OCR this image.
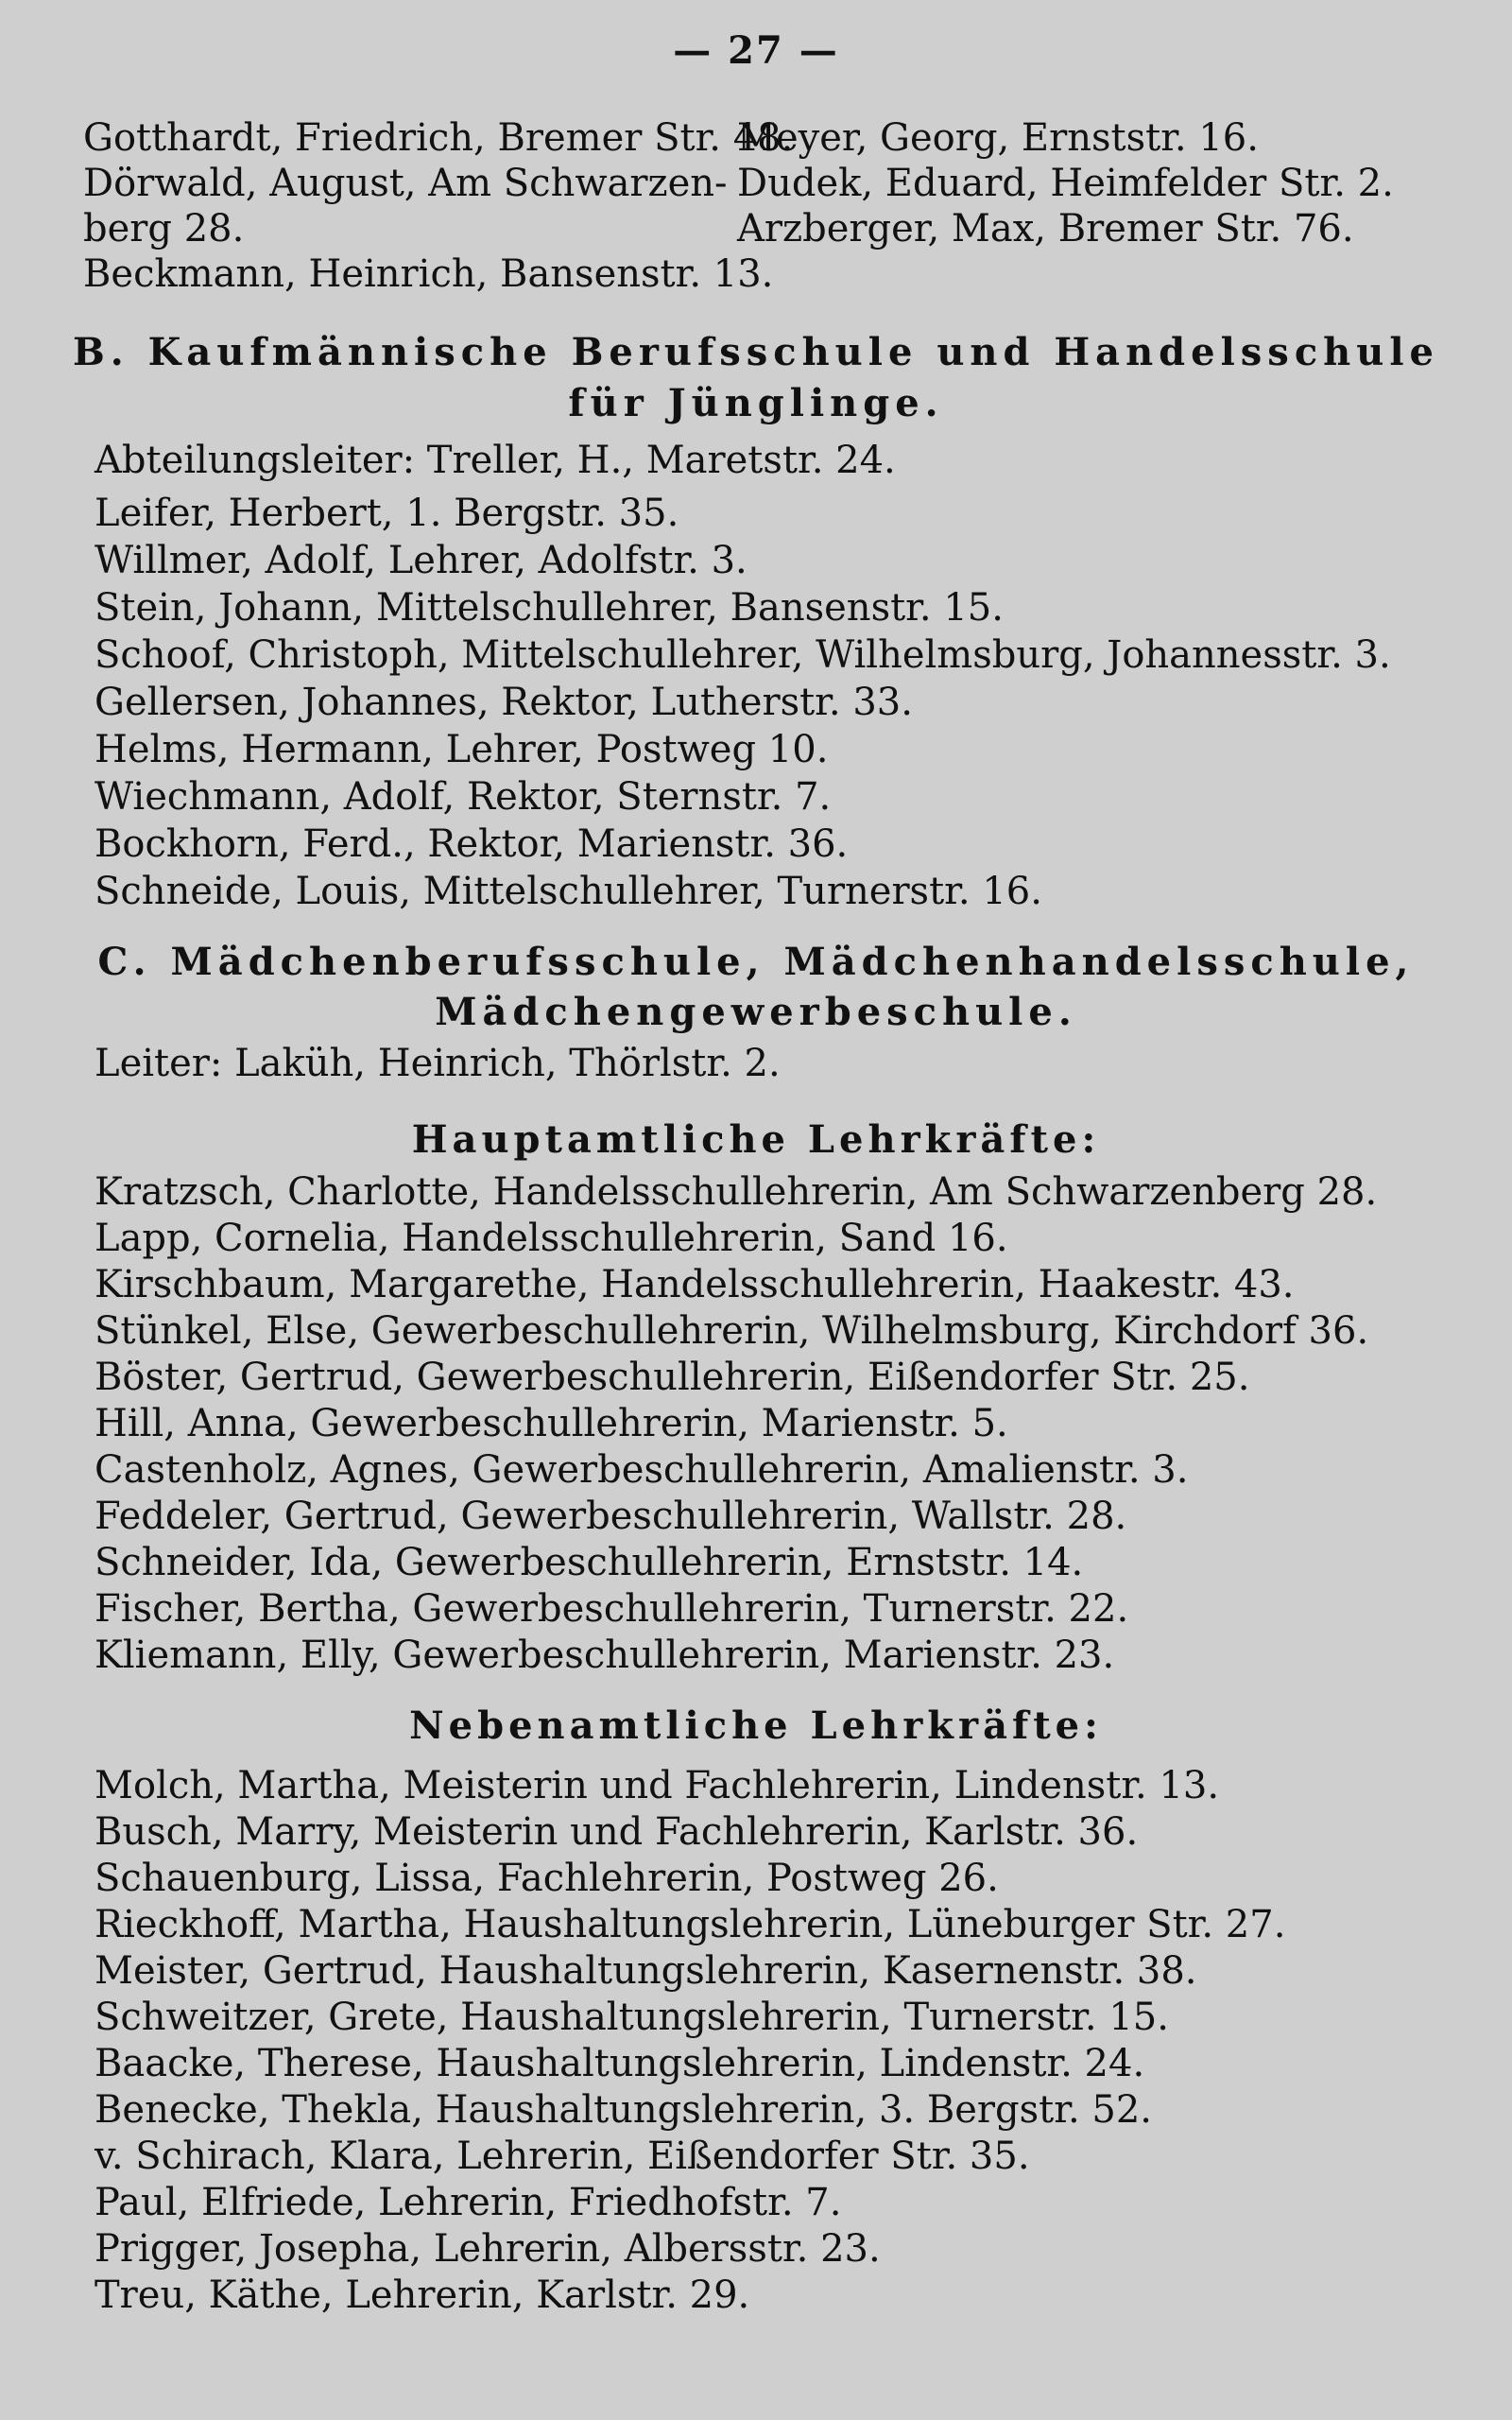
— 27 —
Gotthardt, Friedrich, Bremer Str. 48.
Dörwald, August, Am Schwarzen-
berg 28.
Beckmann, Heinrich, Bansenstr. 13.
Meyer, Georg, Ernststr. 16.
Dudek, Eduard, Heimfelder Str. 2.
Arzberger, Max, Bremer Str. 76.
B. Kaufmännische Berufsschule und Handelsschule
für Jünglinge.
Abteilungsleiter: Treller, H., Maretstr. 24.
Leifer, Herbert, 1. Bergstr. 35.
Willmer, Adolf, Lehrer, Adolfstr. 3.
Stein, Johann, Mittelschullehrer, Bansenstr. 15.
Schoof, Christoph, Mittelschullehrer, Wilhelmsburg, Johannesstr. 3.
Gellersen, Johannes, Rektor, Lutherstr. 33.
Helms, Hermann, Lehrer, Postweg 10.
Wiechmann, Adolf, Rektor, Sternstr. 7.
Bockhorn, Ferd., Rektor, Marienstr. 36.
Schneide, Louis, Mittelschullehrer, Turnerstr. 16.
C. Mädchenberufsschule, Mädchenhandelsschule,
Mädchengewerbeschule.
Leiter: Laküh, Heinrich, Thörlstr. 2.
Hauptamtliche Lehrkräfte:
Kratzsch, Charlotte, Handelsschullehrerin, Am Schwarzenberg 28.
Lapp, Cornelia, Handelsschullehrerin, Sand 16.
Kirschbaum, Margarethe, Handelsschullehrerin, Haakestr. 43.
Stünkel, Else, Gewerbeschullehrerin, Wilhelmsburg, Kirchdorf 36.
Böster, Gertrud, Gewerbeschullehrerin, Eißendorfer Str. 25.
Hill, Anna, Gewerbeschullehrerin, Marienstr. 5.
Castenholz, Agnes, Gewerbeschullehrerin, Amalienstr. 3.
Feddeler, Gertrud, Gewerbeschullehrerin, Wallstr. 28.
Schneider, Ida, Gewerbeschullehrerin, Ernststr. 14.
Fischer, Bertha, Gewerbeschullehrerin, Turnerstr. 22.
Kliemann, Elly, Gewerbeschullehrerin, Marienstr. 23.
Nebenamtliche Lehrkräfte:
Molch, Martha, Meisterin und Fachlehrerin, Lindenstr. 13.
Busch, Marry, Meisterin und Fachlehrerin, Karlstr. 36.
Schauenburg, Lissa, Fachlehrerin, Postweg 26.
Rieckhoff, Martha, Haushaltungslehrerin, Lüneburger Str. 27.
Meister, Gertrud, Haushaltungslehrerin, Kasernenstr. 38.
Schweitzer, Grete, Haushaltungslehrerin, Turnerstr. 15.
Baacke, Therese, Haushaltungslehrerin, Lindenstr. 24.
Benecke, Thekla, Haushaltungslehrerin, 3. Bergstr. 52.
v. Schirach, Klara, Lehrerin, Eißendorfer Str. 35.
Paul, Elfriede, Lehrerin, Friedhofstr. 7.
Prigger, Josepha, Lehrerin, Albersstr. 23.
Treu, Käthe, Lehrerin, Karlstr. 29.
